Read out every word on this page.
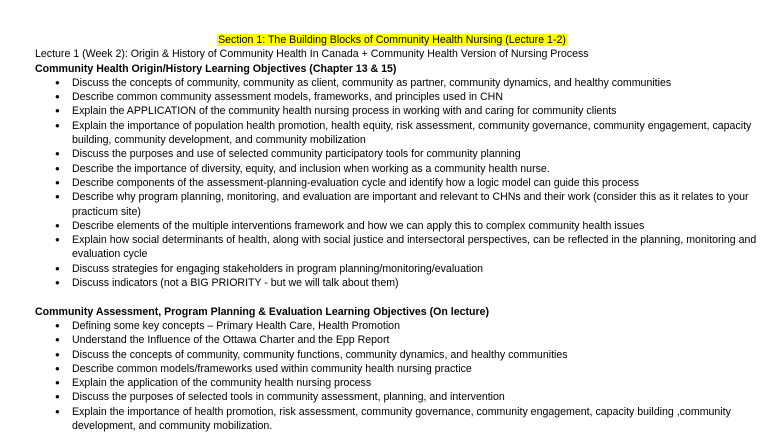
Section 1: The Building Blocks of Community Health Nursing (Lecture 1-2)
Lecture 1 (Week 2): Origin & History of Community Health In Canada + Community Health Version of Nursing Process
Community Health Origin/History Learning Objectives (Chapter 13 & 15)
● Discuss the concepts of community, community as client, community as partner, community dynamics, and healthy communities
● Describe common community assessment models, frameworks, and principles used in CHN
● Explain the APPLICATION of the community health nursing process in working with and caring for community clients
● Explain the importance of population health promotion, health equity, risk assessment, community governance, community engagement, capacity building, community development, and community mobilization
● Discuss the purposes and use of selected community participatory tools for community planning
● Describe the importance of diversity, equity, and inclusion when working as a community health nurse.
● Describe components of the assessment-planning-evaluation cycle and identify how a logic model can guide this process
● Describe why program planning, monitoring, and evaluation are important and relevant to CHNs and their work (consider this as it relates to your practicum site)
● Describe elements of the multiple interventions framework and how we can apply this to complex community health issues
● Explain how social determinants of health, along with social justice and intersectoral perspectives, can be reflected in the planning, monitoring and evaluation cycle
● Discuss strategies for engaging stakeholders in program planning/monitoring/evaluation
● Discuss indicators (not a BIG PRIORITY - but we will talk about them)
Community Assessment, Program Planning & Evaluation Learning Objectives (On lecture)
● Defining some key concepts – Primary Health Care, Health Promotion
● Understand the Influence of the Ottawa Charter and the Epp Report
● Discuss the concepts of community, community functions, community dynamics, and healthy communities
● Describe common models/frameworks used within community health nursing practice
● Explain the application of the community health nursing process
● Discuss the purposes of selected tools in community assessment, planning, and intervention
● Explain the importance of health promotion, risk assessment, community governance, community engagement, capacity building ,community development, and community mobilization.
